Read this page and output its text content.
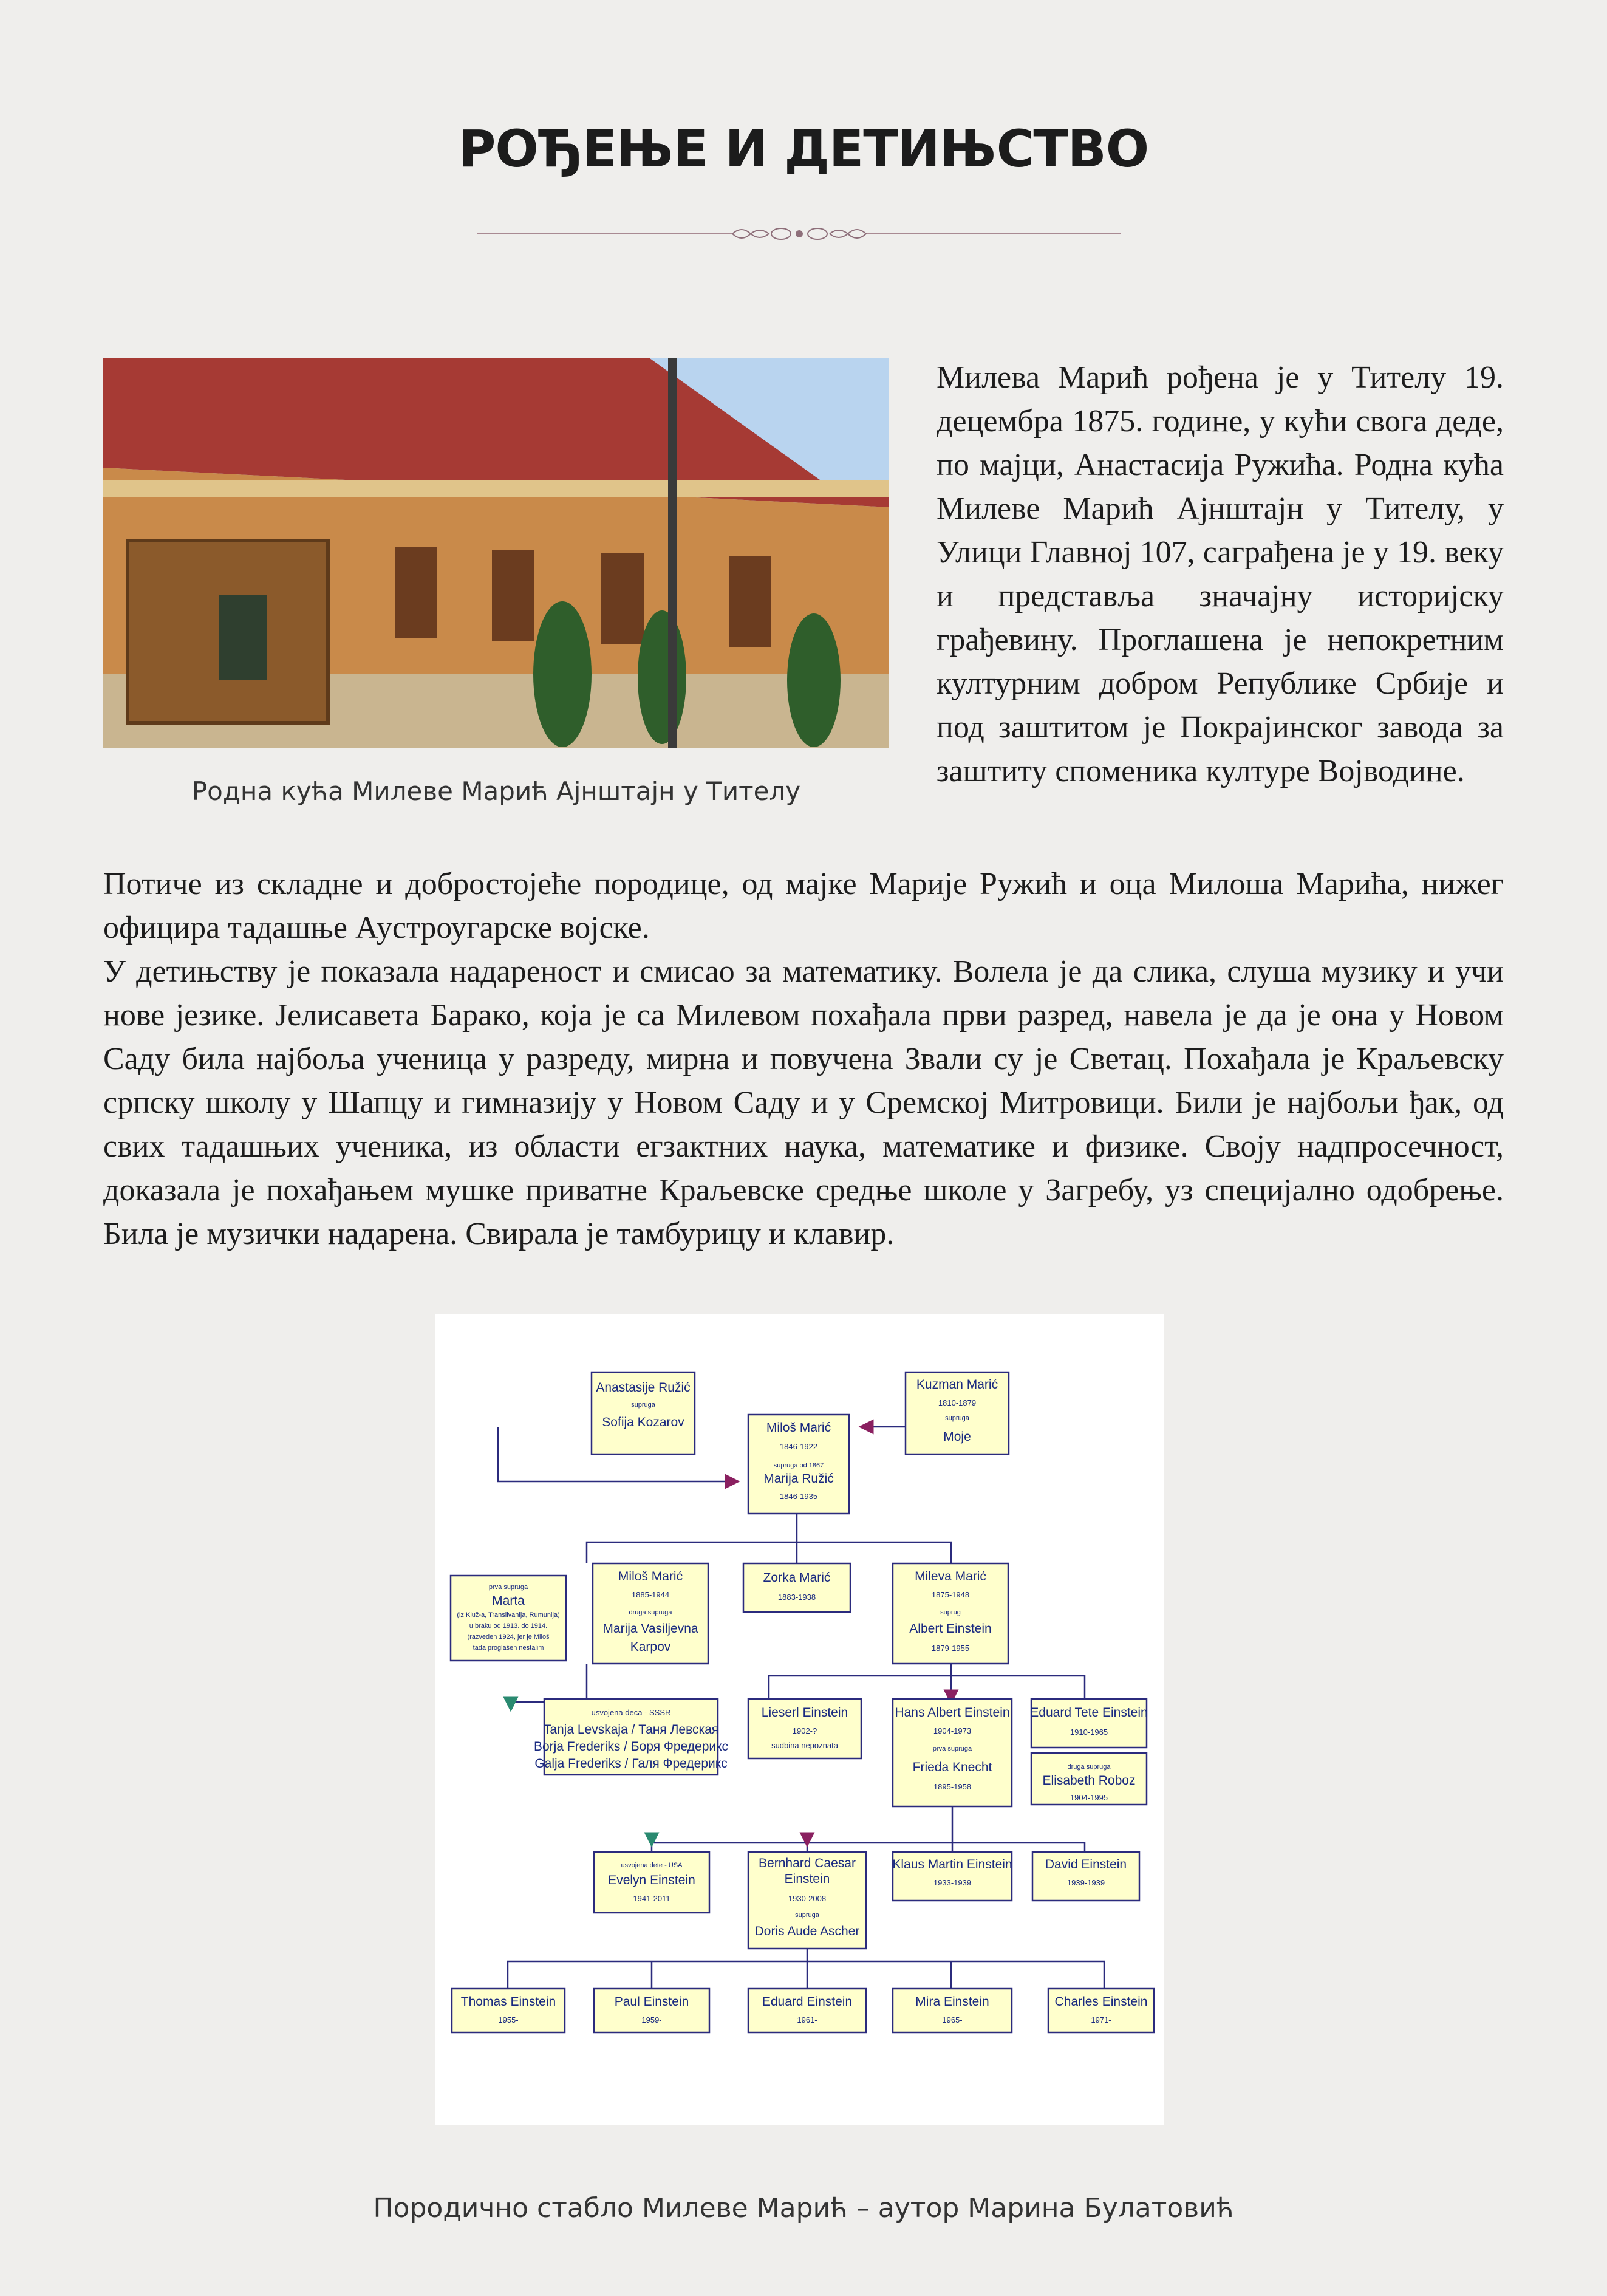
РОЂЕЊЕ И ДЕТИЊСТВО
Родна кућа Милеве Марић Ајнштајн у Тителу
Милева Марић рођена је у Тителу 19. децембра 1875. године, у кући свога деде, по мајци, Анастасија Ружића. Родна кућа Милеве Марић Ајнштајн у Тителу, у Улици Главној 107, саграђена је у 19. веку и представља значајну историјску грађевину. Проглашена је непокретним културним добром Републике Србије и под заштитом је Покрајинског завода за заштиту споменика културе Војводине.

Потиче из складне и добростојеће породице, од мајке Марије Ружић и оца Милоша Марића, нижег официра тадашње Аустроугарске војске.

У детињству је показала надареност и смисао за математику. Волела је да слика, слуша музику и учи нове језике. Јелисавета Барако, која је са Милевом похађала први разред, навела је да је она у Новом Саду била најбоља ученица у разреду, мирна и повучена Звали су је Светац. Похађала је Краљевску српску школу у Шапцу и гимназију у Новом Саду и у Сремској Митровици. Били је најбољи ђак, од свих тадашњих ученика, из области егзактних наука, математике и физике. Своју надпросечност, доказала је похађањем мушке приватне Краљевске средње школе у Загребу, уз специјално одобрење. Била је музички надарена. Свирала је тамбурицу и клавир.

Anastasije Ružić
supruga
Sofija Kozarov
Kuzman Marić
1810-1879
supruga
Moje
Miloš Marić
1846-1922
supruga od 1867
Marija Ružić
1846-1935
prva supruga
Marta
(iz Kluž-a, Transilvanija, Rumunija)
u braku od 1913. do 1914.
(razveden 1924, jer je Miloš
tada proglašen nestalim
Miloš Marić
1885-1944
druga supruga
Marija Vasiljevna
Karpov
Zorka Marić
1883-1938
Mileva Marić
1875-1948
suprug
Albert Einstein
1879-1955
usvojena deca - SSSR
Tanja Levskaja / Таня Левская
Borja Frederiks / Боря Фредерикс
Galja Frederiks / Галя Фредерикс
Lieserl Einstein
1902-?
sudbina nepoznata
Hans Albert Einstein
1904-1973
prva supruga
Frieda Knecht
1895-1958
Eduard Tete Einstein
1910-1965
druga supruga
Elisabeth Roboz
1904-1995
usvojena dete - USA
Evelyn Einstein
1941-2011
Bernhard Caesar
Einstein
1930-2008
supruga
Doris Aude Ascher
Klaus Martin Einstein
1933-1939
David Einstein
1939-1939
Thomas Einstein
1955-
Paul Einstein
1959-
Eduard Einstein
1961-
Mira Einstein
1965-
Charles Einstein
1971-
Породично стабло Милеве Марић – аутор Марина Булатовић
